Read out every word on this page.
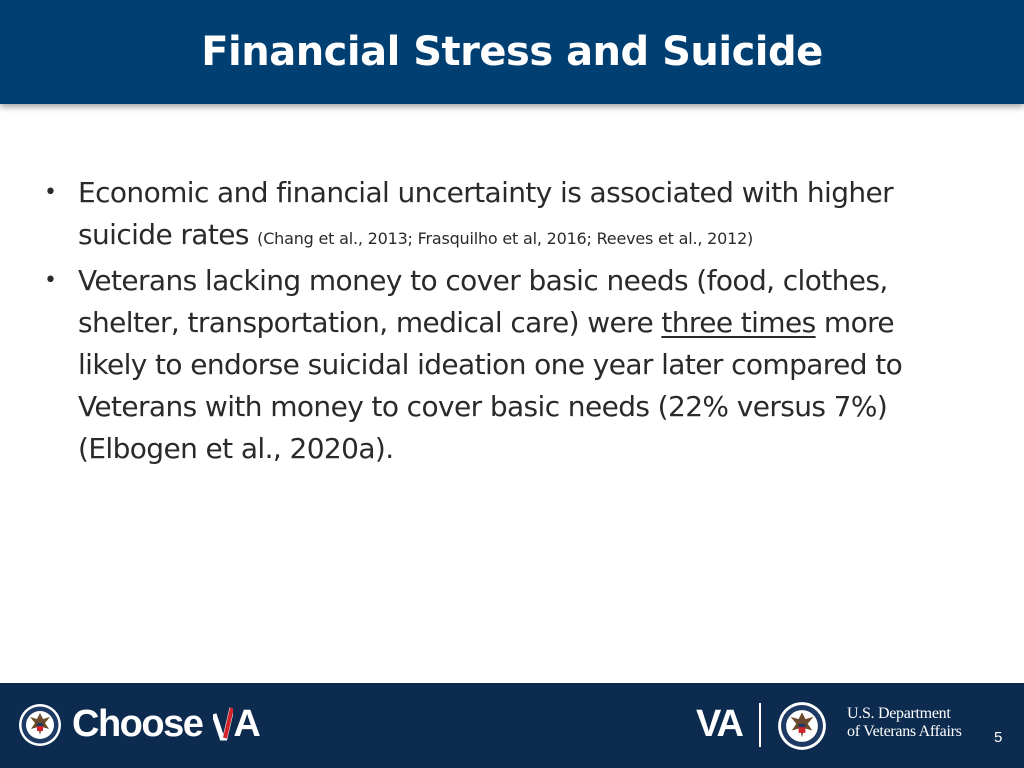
Financial Stress and Suicide

• Economic and financial uncertainty is associated with higher suicide rates (Chang et al., 2013; Frasquilho et al, 2016; Reeves et al., 2012)

• Veterans lacking money to cover basic needs (food, clothes, shelter, transportation, medical care) were three times more likely to endorse suicidal ideation one year later compared to Veterans with money to cover basic needs (22% versus 7%) (Elbogen et al., 2020a).

Choose A	VA	U.S. Department
of Veterans Affairs 5
